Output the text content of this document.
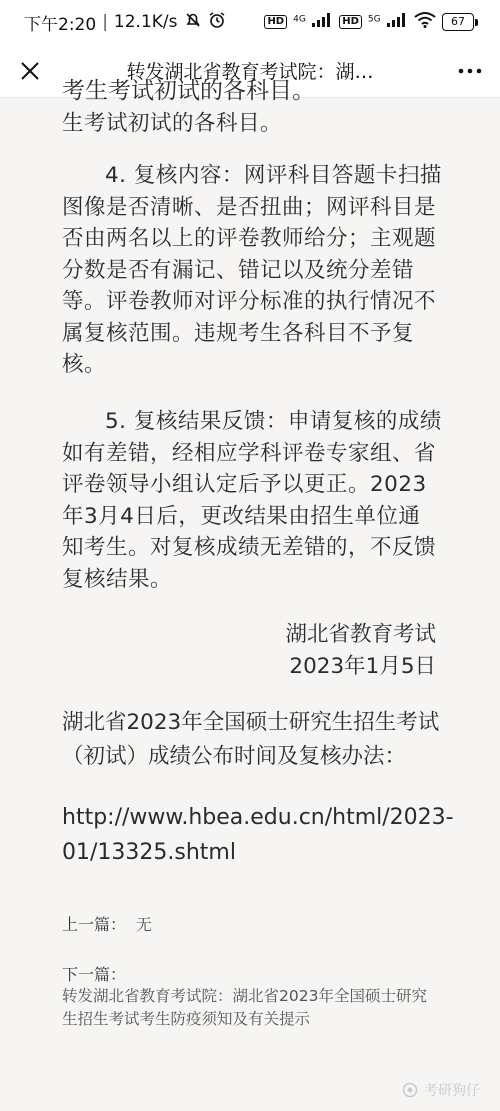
下午2:20 | 12.1K/s	HD	$^{4G}$	HD	$^{5G}$	67
转发湖北省教育考试院：湖…
考生考试初试的各科目。

生考试初试的各科目。

4. 复核内容：网评科目答题卡扫描图像是否清晰、是否扭曲；网评科目是否由两名以上的评卷教师给分；主观题分数是否有漏记、错记以及统分差错等。评卷教师对评分标准的执行情况不属复核范围。违规考生各科目不予复核。

5. 复核结果反馈：申请复核的成绩如有差错，经相应学科评卷专家组、省评卷领导小组认定后予以更正。2023年3月4日后，更改结果由招生单位通知考生。对复核成绩无差错的，不反馈复核结果。

湖北省教育考试
2023年1月5日

湖北省2023年全国硕士研究生招生考试（初试）成绩公布时间及复核办法：

http://www.hbea.edu.cn/html/2023-01/13325.shtml
上一篇： 无
下一篇：
转发湖北省教育考试院：湖北省2023年全国硕士研究生招生考试考生防疫须知及有关提示
考研狗仔
